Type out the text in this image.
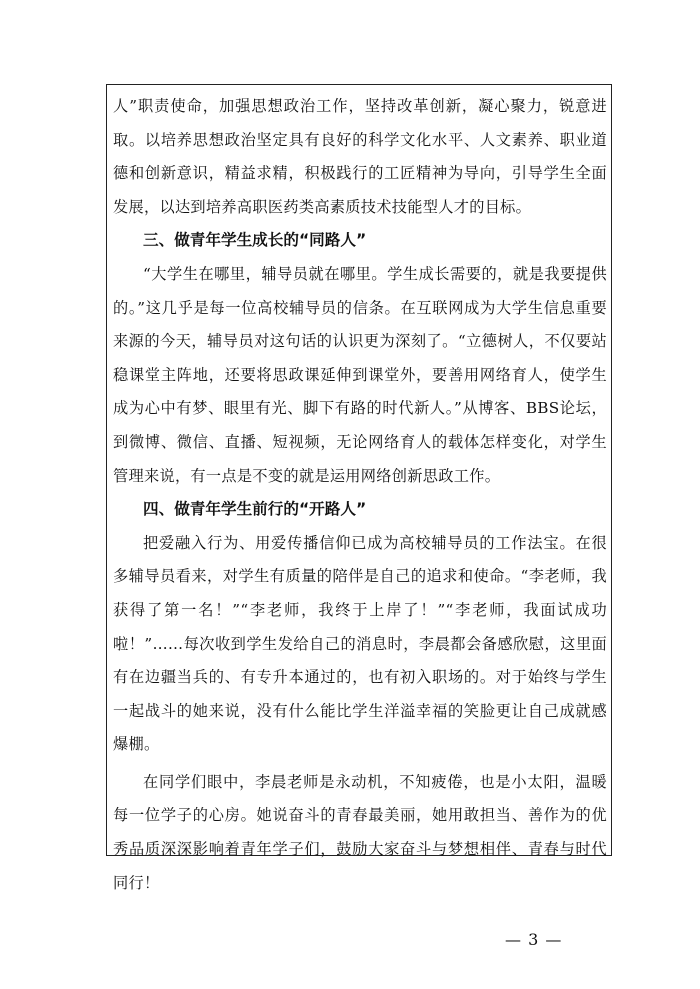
人”职责使命，加强思想政治工作，坚持改革创新，凝心聚力，锐意进取。以培养思想政治坚定具有良好的科学文化水平、人文素养、职业道德和创新意识，精益求精，积极践行的工匠精神为导向，引导学生全面发展，以达到培养高职医药类高素质技术技能型人才的目标。

三、做青年学生成长的“同路人”

“大学生在哪里，辅导员就在哪里。学生成长需要的，就是我要提供的。”这几乎是每一位高校辅导员的信条。在互联网成为大学生信息重要来源的今天，辅导员对这句话的认识更为深刻了。“立德树人，不仅要站稳课堂主阵地，还要将思政课延伸到课堂外，要善用网络育人，使学生成为心中有梦、眼里有光、脚下有路的时代新人。”从博客、BBS论坛，到微博、微信、直播、短视频，无论网络育人的载体怎样变化，对学生管理来说，有一点是不变的就是运用网络创新思政工作。

四、做青年学生前行的“开路人”

把爱融入行为、用爱传播信仰已成为高校辅导员的工作法宝。在很多辅导员看来，对学生有质量的陪伴是自己的追求和使命。“李老师，我获得了第一名！”“李老师，我终于上岸了！”“李老师，我面试成功啦！”……每次收到学生发给自己的消息时，李晨都会备感欣慰，这里面有在边疆当兵的、有专升本通过的，也有初入职场的。对于始终与学生一起战斗的她来说，没有什么能比学生洋溢幸福的笑脸更让自己成就感爆棚。

在同学们眼中，李晨老师是永动机，不知疲倦，也是小太阳，温暖每一位学子的心房。她说奋斗的青春最美丽，她用敢担当、善作为的优秀品质深深影响着青年学子们，鼓励大家奋斗与梦想相伴、青春与时代同行！

— 3 —
